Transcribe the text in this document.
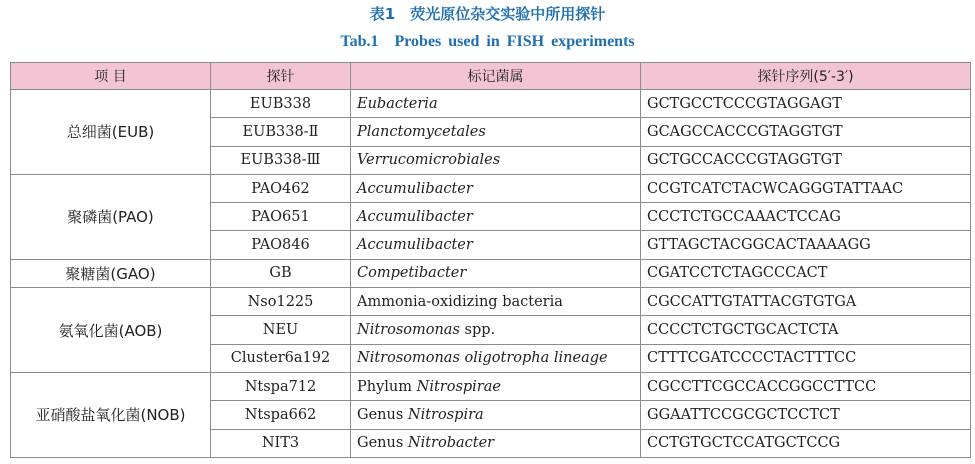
表1　荧光原位杂交实验中所用探针
Tab.1　Probes used in FISH experiments
项 目	探针	标记菌属	探针序列(5′-3′)
总细菌(EUB)	EUB338	Eubacteria	GCTGCCTCCCGTAGGAGT
	EUB338-Ⅱ	Planctomycetales	GCAGCCACCCGTAGGTGT
	EUB338-Ⅲ	Verrucomicrobiales	GCTGCCACCCGTAGGTGT
聚磷菌(PAO)	PAO462	Accumulibacter	CCGTCATCTACWCAGGGTATTAAC
	PAO651	Accumulibacter	CCCTCTGCCAAACTCCAG
	PAO846	Accumulibacter	GTTAGCTACGGCACTAAAAGG
聚糖菌(GAO)	GB	Competibacter	CGATCCTCTAGCCCACT
氨氧化菌(AOB)	Nso1225	Ammonia-oxidizing bacteria	CGCCATTGTATTACGTGTGA
	NEU	Nitrosomonas spp.	CCCCTCTGCTGCACTCTA
	Cluster6a192	Nitrosomonas oligotropha lineage	CTTTCGATCCCCTACTTTCC
亚硝酸盐氧化菌(NOB)	Ntspa712	Phylum Nitrospirae	CGCCTTCGCCACCGGCCTTCC
	Ntspa662	Genus Nitrospira	GGAATTCCGCGCTCCTCT
	NIT3	Genus Nitrobacter	CCTGTGCTCCATGCTCCG
